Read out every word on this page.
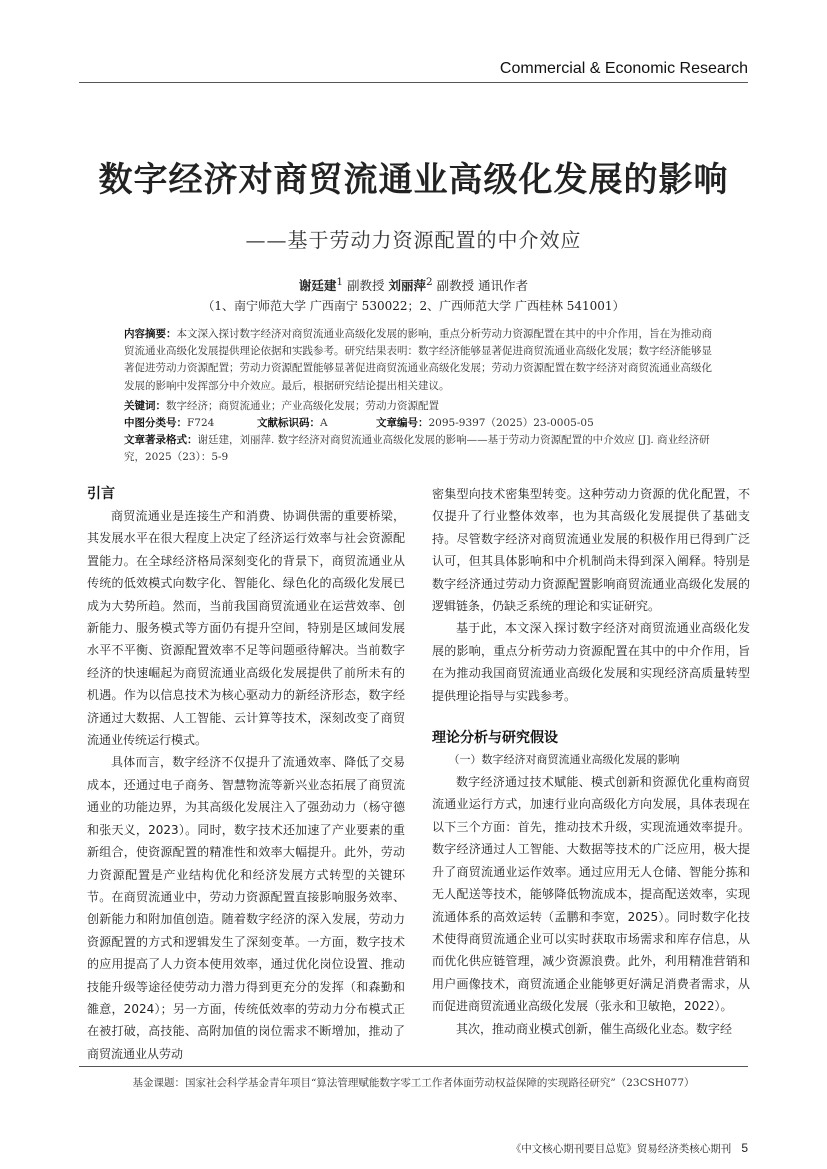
Commercial & Economic Research
数字经济对商贸流通业高级化发展的影响
——基于劳动力资源配置的中介效应
谢廷建$^1$ 副教授 刘丽萍$^2$ 副教授 通讯作者
（1、南宁师范大学 广西南宁 530022；2、广西师范大学 广西桂林 541001）
内容摘要：本文深入探讨数字经济对商贸流通业高级化发展的影响，重点分析劳动力资源配置在其中的中介作用，旨在为推动商贸流通业高级化发展提供理论依据和实践参考。研究结果表明：数字经济能够显著促进商贸流通业高级化发展；数字经济能够显著促进劳动力资源配置；劳动力资源配置能够显著促进商贸流通业高级化发展；劳动力资源配置在数字经济对商贸流通业高级化发展的影响中发挥部分中介效应。最后，根据研究结论提出相关建议。
关键词：数字经济；商贸流通业；产业高级化发展；劳动力资源配置
中图分类号：F724	文献标识码：A	文章编号：2095-9397（2025）23-0005-05
文章著录格式：谢廷建，刘丽萍. 数字经济对商贸流通业高级化发展的影响——基于劳动力资源配置的中介效应 [J]. 商业经济研究，2025（23）：5-9
引言

商贸流通业是连接生产和消费、协调供需的重要桥梁，其发展水平在很大程度上决定了经济运行效率与社会资源配置能力。在全球经济格局深刻变化的背景下，商贸流通业从传统的低效模式向数字化、智能化、绿色化的高级化发展已成为大势所趋。然而，当前我国商贸流通业在运营效率、创新能力、服务模式等方面仍有提升空间，特别是区域间发展水平不平衡、资源配置效率不足等问题亟待解决。当前数字经济的快速崛起为商贸流通业高级化发展提供了前所未有的机遇。作为以信息技术为核心驱动力的新经济形态，数字经济通过大数据、人工智能、云计算等技术，深刻改变了商贸流通业传统运行模式。

具体而言，数字经济不仅提升了流通效率、降低了交易成本，还通过电子商务、智慧物流等新兴业态拓展了商贸流通业的功能边界，为其高级化发展注入了强劲动力（杨守德和张天义，2023）。同时，数字技术还加速了产业要素的重新组合，使资源配置的精准性和效率大幅提升。此外，劳动力资源配置是产业结构优化和经济发展方式转型的关键环节。在商贸流通业中，劳动力资源配置直接影响服务效率、创新能力和附加值创造。随着数字经济的深入发展，劳动力资源配置的方式和逻辑发生了深刻变革。一方面，数字技术的应用提高了人力资本使用效率，通过优化岗位设置、推动技能升级等途径使劳动力潜力得到更充分的发挥（和森勤和雒意，2024）；另一方面，传统低效率的劳动力分布模式正在被打破，高技能、高附加值的岗位需求不断增加，推动了商贸流通业从劳动

密集型向技术密集型转变。这种劳动力资源的优化配置，不仅提升了行业整体效率，也为其高级化发展提供了基础支持。尽管数字经济对商贸流通业发展的积极作用已得到广泛认可，但其具体影响和中介机制尚未得到深入阐释。特别是数字经济通过劳动力资源配置影响商贸流通业高级化发展的逻辑链条，仍缺乏系统的理论和实证研究。

基于此，本文深入探讨数字经济对商贸流通业高级化发展的影响，重点分析劳动力资源配置在其中的中介作用，旨在为推动我国商贸流通业高级化发展和实现经济高质量转型提供理论指导与实践参考。

理论分析与研究假设
（一）数字经济对商贸流通业高级化发展的影响

数字经济通过技术赋能、模式创新和资源优化重构商贸流通业运行方式，加速行业向高级化方向发展，具体表现在以下三个方面：首先，推动技术升级，实现流通效率提升。数字经济通过人工智能、大数据等技术的广泛应用，极大提升了商贸流通业运作效率。通过应用无人仓储、智能分拣和无人配送等技术，能够降低物流成本，提高配送效率，实现流通体系的高效运转（孟鹏和李宽，2025）。同时数字化技术使得商贸流通企业可以实时获取市场需求和库存信息，从而优化供应链管理，减少资源浪费。此外，利用精准营销和用户画像技术，商贸流通企业能够更好满足消费者需求，从而促进商贸流通业高级化发展（张永和卫敏艳，2022）。

其次，推动商业模式创新，催生高级化业态。数字经

基金课题：国家社会科学基金青年项目“算法管理赋能数字零工工作者体面劳动权益保障的实现路径研究”（23CSH077）
《中文核心期刊要目总览》贸易经济类核心期刊 5
